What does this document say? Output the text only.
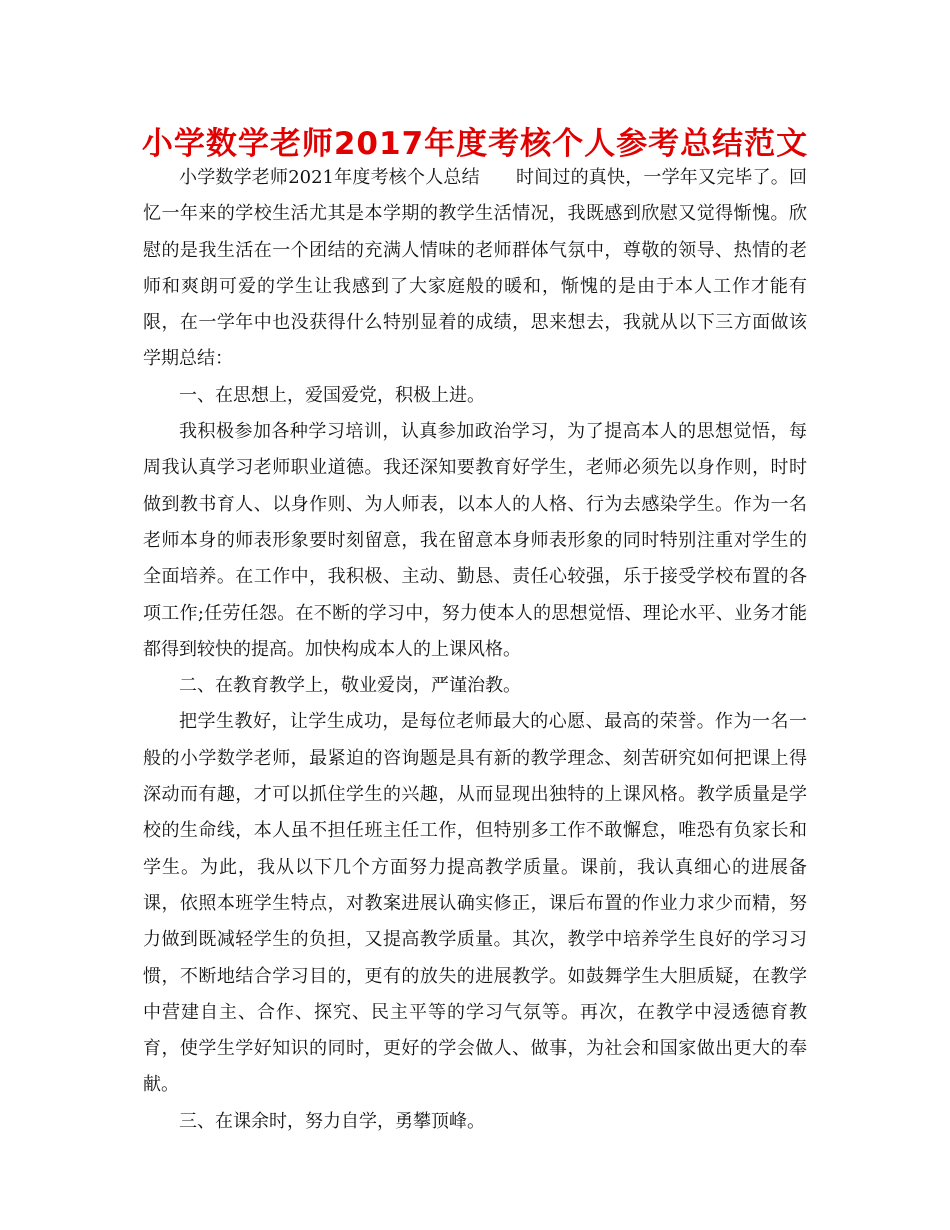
小学数学老师2017年度考核个人参考总结范文

小学数学老师2021年度考核个人总结 时间过的真快，一学年又完毕了。回忆一年来的学校生活尤其是本学期的教学生活情况，我既感到欣慰又觉得惭愧。欣慰的是我生活在一个团结的充满人情味的老师群体气氛中，尊敬的领导、热情的老师和爽朗可爱的学生让我感到了大家庭般的暖和，惭愧的是由于本人工作才能有限，在一学年中也没获得什么特别显着的成绩，思来想去，我就从以下三方面做该学期总结：

一、在思想上，爱国爱党，积极上进。

我积极参加各种学习培训，认真参加政治学习，为了提高本人的思想觉悟，每周我认真学习老师职业道德。我还深知要教育好学生，老师必须先以身作则，时时做到教书育人、以身作则、为人师表，以本人的人格、行为去感染学生。作为一名老师本身的师表形象要时刻留意，我在留意本身师表形象的同时特别注重对学生的全面培养。在工作中，我积极、主动、勤恳、责任心较强，乐于接受学校布置的各项工作;任劳任怨。在不断的学习中，努力使本人的思想觉悟、理论水平、业务才能都得到较快的提高。加快构成本人的上课风格。

二、在教育教学上，敬业爱岗，严谨治教。

把学生教好，让学生成功，是每位老师最大的心愿、最高的荣誉。作为一名一般的小学数学老师，最紧迫的咨询题是具有新的教学理念、刻苦研究如何把课上得深动而有趣，才可以抓住学生的兴趣，从而显现出独特的上课风格。教学质量是学校的生命线，本人虽不担任班主任工作，但特别多工作不敢懈怠，唯恐有负家长和学生。为此，我从以下几个方面努力提高教学质量。课前，我认真细心的进展备课，依照本班学生特点，对教案进展认确实修正，课后布置的作业力求少而精，努力做到既减轻学生的负担，又提高教学质量。其次，教学中培养学生良好的学习习惯，不断地结合学习目的，更有的放失的进展教学。如鼓舞学生大胆质疑，在教学中营建自主、合作、探究、民主平等的学习气氛等。再次，在教学中浸透德育教育，使学生学好知识的同时，更好的学会做人、做事，为社会和国家做出更大的奉献。

三、在课余时，努力自学，勇攀顶峰。
